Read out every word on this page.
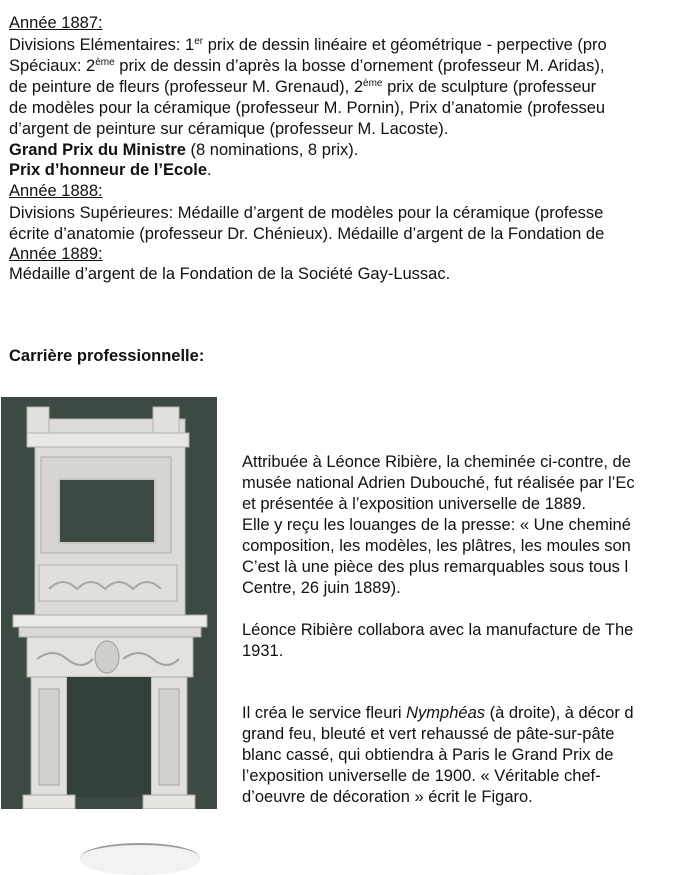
Année 1887:
Divisions Elémentaires: 1er prix de dessin linéaire et géométrique - perpective (pro
Spéciaux: 2ème prix de dessin d’après la bosse d’ornement (professeur M. Aridas),
de peinture de fleurs (professeur M. Grenaud), 2ème prix de sculpture (professeur
de modèles pour la céramique (professeur M. Pornin), Prix d’anatomie (professeu
d’argent de peinture sur céramique (professeur M. Lacoste).
Grand Prix du Ministre (8 nominations, 8 prix).
Prix d’honneur de l’Ecole.
Année 1888:
Divisions Supérieures: Médaille d’argent de modèles pour la céramique (professe
écrite d’anatomie (professeur Dr. Chénieux). Médaille d’argent de la Fondation de
Année 1889:
Médaille d’argent de la Fondation de la Société Gay-Lussac.
Carrière professionnelle:
Attribuée à Léonce Ribière, la cheminée ci-contre, de
musée national Adrien Dubouché, fut réalisée par l’Ec
et présentée à l’exposition universelle de 1889.
Elle y reçu les louanges de la presse: « Une cheminé
composition, les modèles, les plâtres, les moules son
C’est là une pièce des plus remarquables sous tous l
Centre, 26 juin 1889).
Léonce Ribière collabora avec la manufacture de The
1931.
Il créa le service fleuri Nymphéas (à droite), à décor d
grand feu, bleuté et vert rehaussé de pâte-sur-pâte
blanc cassé, qui obtiendra à Paris le Grand Prix de
l’exposition universelle de 1900. « Véritable chef-
d’oeuvre de décoration » écrit le Figaro.
